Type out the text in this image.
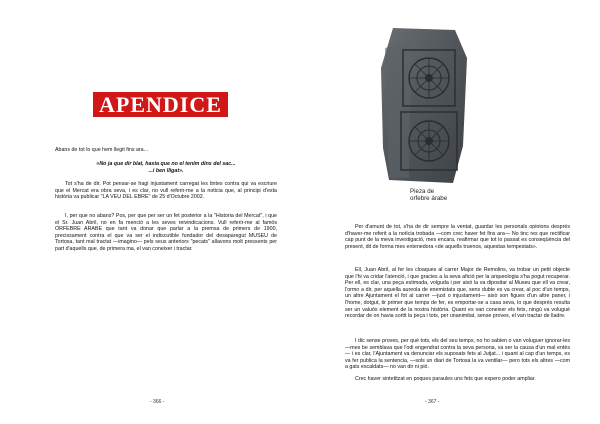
APENDICE

Abans de tot lo que hem llegit fins ara...

«No ja que dir blat, hasta que no el tenim dins del sac...
...i ben lligat».

Tot s'ha de dir. Pot pensar-se hagi injustament carregat les tintes contra qui va escriure que el Mercat era obra seva, i es clar, no vull referir-me a la noticia que, al principi d'esta història va publicar "LA VEU DEL EBRE" de 25 d'Octubre 2002.

I, per que no abans? Pos, per que per ser un fet posterior a la "Historia del Mercat", i que el Sr. Juan Abril, no en fa menció a les seves reivindicacions. Vull referir-me al famós ORFEBRE ARABE que tant va donar que parlar a la premsa de primers de 1900, precissament contra el que va ser el indiscutible fundador del desaparegut MUSEU de Tortosa, tant mal tractat —imagino— pels seus anteriors "pecats" allavons molt pressents per part d'aquells que, de primera ma, el van coneixer i tractar.

- 366 -
Pieza de
orfebre árabe

Per d'amunt de tot, s'ha de dir sempre la ventat, guardar les personals opinions després d'haver-me referit a la notícia trobada —com crec haver fet fins ara— No tinc res que rectificar cap punt de la meva investigació, mes encara, reafirmar que tot lo passat es conseqüència del present, dit de forma mes entenedora «de aquells truenos, aquestas tempestats».

Ell, Juan Abril, al fer les cloaques al carrer Major de Remolins, va trobar un petit objecte que l'hi va cridar l'atenció, i que gracies a la seva afició per la arqueologia s'ha pogut recuperar. Per ell, es clar, una peça estimada, volguda i per això la va dipositar al Museu que ell va crear, l'ormo a dir, per aquella aureola de enemistats que, sens dubte es va crear, al poc d'un temps, un altre Ajuntament el fot al carrer —just o injustament— això son figues d'un altre paner, i l'home, dotgut, tir primer que temps de fer, es emportar-se a casa seva, lo que després resulta ser un valuós element de la nostra història. Quant es van coneixer els fets, ningú va voluguè recordar de on havia sortit la peça i tots, per unanimitat, sense proves, el van tractar de lladre.

I dic sense proves, per què tots, els del seu temps, no ho sabien o van voluguer ignorar-les —mes be semblava que l'odi engendrat contra la seva persona, va ser la causa d'un mal entès— i es clar, l'Ajuntament va denunciar els suposats fets al Jutjat... i quant al cap d'un temps, es va fer publica la sentencia, —sols un diari de Tortosa la va ventilar— pero tots els altres —com a gats escaldats— no van dir ni pió.

Crec haver sintetitzat en poques paraules uns fets que espero poder ampliar.

- 367 -
